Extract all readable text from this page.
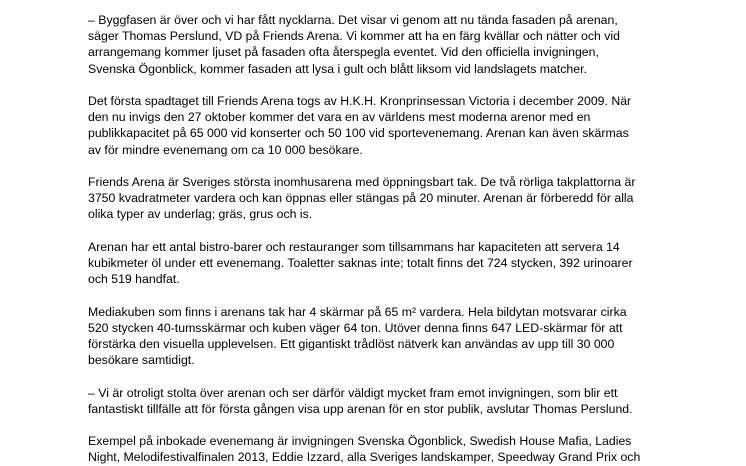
– Byggfasen är över och vi har fått nycklarna. Det visar vi genom att nu tända fasaden på arenan,
säger Thomas Perslund, VD på Friends Arena. Vi kommer att ha en färg kvällar och nätter och vid
arrangemang kommer ljuset på fasaden ofta återspegla eventet. Vid den officiella invigningen,
Svenska Ögonblick, kommer fasaden att lysa i gult och blått liksom vid landslagets matcher.

Det första spadtaget till Friends Arena togs av H.K.H. Kronprinsessan Victoria i december 2009. När
den nu invigs den 27 oktober kommer det vara en av världens mest moderna arenor med en
publikkapacitet på 65 000 vid konserter och 50 100 vid sportevenemang. Arenan kan även skärmas
av för mindre evenemang om ca 10 000 besökare.

Friends Arena är Sveriges största inomhusarena med öppningsbart tak. De två rörliga takplattorna är
3750 kvadratmeter vardera och kan öppnas eller stängas på 20 minuter. Arenan är förberedd för alla
olika typer av underlag; gräs, grus och is.

Arenan har ett antal bistro-barer och restauranger som tillsammans har kapaciteten att servera 14
kubikmeter öl under ett evenemang. Toaletter saknas inte; totalt finns det 724 stycken, 392 urinoarer
och 519 handfat.

Mediakuben som finns i arenans tak har 4 skärmar på 65 m² vardera. Hela bildytan motsvarar cirka
520 stycken 40-tumsskärmar och kuben väger 64 ton. Utöver denna finns 647 LED-skärmar för att
förstärka den visuella upplevelsen. Ett gigantiskt trådlöst nätverk kan användas av upp till 30 000
besökare samtidigt.

– Vi är otroligt stolta över arenan och ser därför väldigt mycket fram emot invigningen, som blir ett
fantastiskt tillfälle att för första gången visa upp arenan för en stor publik, avslutar Thomas Perslund.

Exempel på inbokade evenemang är invigningen Svenska Ögonblick, Swedish House Mafia, Ladies
Night, Melodifestivalfinalen 2013, Eddie Izzard, alla Sveriges landskamper, Speedway Grand Prix och
